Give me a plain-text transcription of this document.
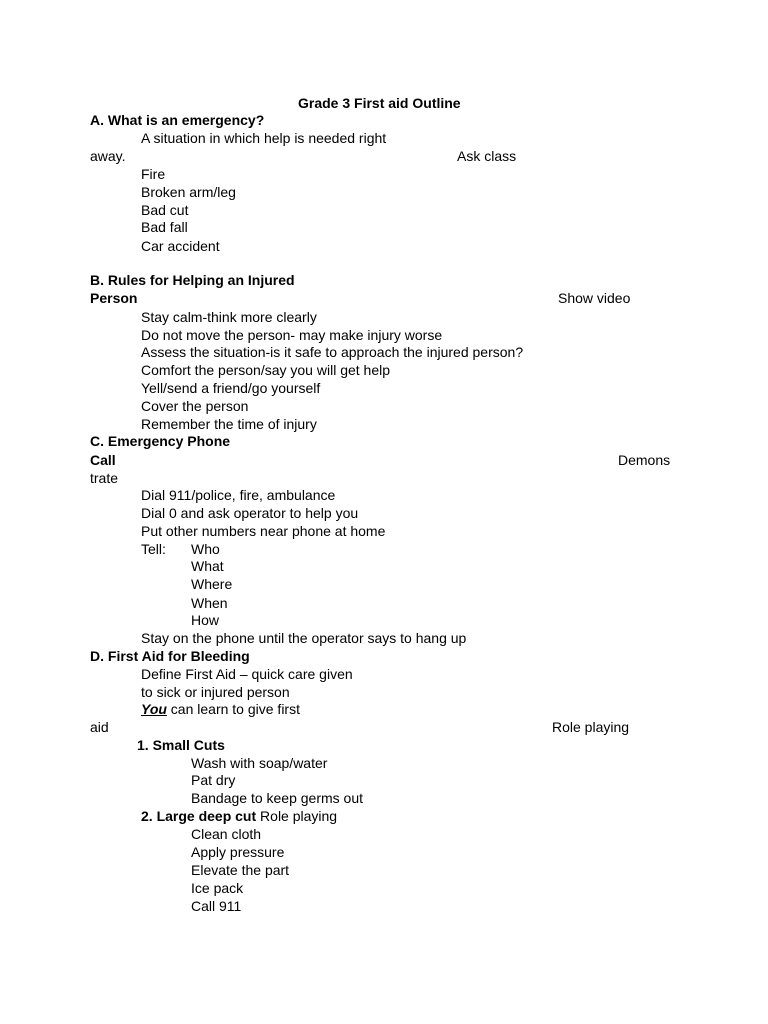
Grade 3 First aid Outline
A. What is an emergency?
A situation in which help is needed right
away.	Ask class
Fire
Broken arm/leg
Bad cut
Bad fall
Car accident
B. Rules for Helping an Injured
Person	Show video
Stay calm-think more clearly
Do not move the person- may make injury worse
Assess the situation-is it safe to approach the injured person?
Comfort the person/say you will get help
Yell/send a friend/go yourself
Cover the person
Remember the time of injury
C. Emergency Phone
Call	Demons
trate
Dial 911/police, fire, ambulance
Dial 0 and ask operator to help you
Put other numbers near phone at home
Tell: Who
What
Where
When
How
Stay on the phone until the operator says to hang up
D. First Aid for Bleeding
Define First Aid – quick care given
to sick or injured person
You can learn to give first
aid	Role playing
1. Small Cuts
Wash with soap/water
Pat dry
Bandage to keep germs out
2. Large deep cut Role playing
Clean cloth
Apply pressure
Elevate the part
Ice pack
Call 911
